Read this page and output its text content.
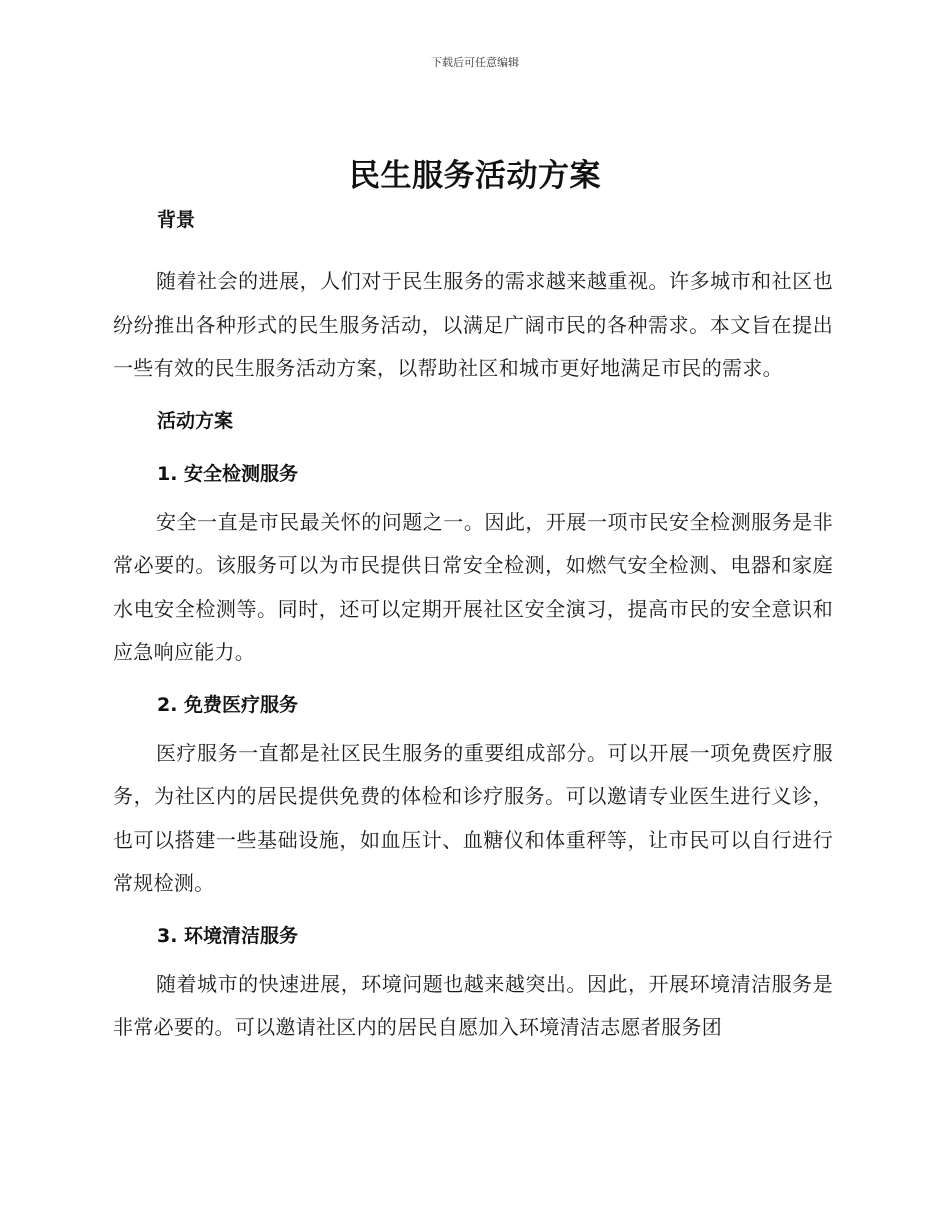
下载后可任意编辑
民生服务活动方案

背景

随着社会的进展，人们对于民生服务的需求越来越重视。许多城市和社区也纷纷推出各种形式的民生服务活动，以满足广阔市民的各种需求。本文旨在提出一些有效的民生服务活动方案，以帮助社区和城市更好地满足市民的需求。

活动方案

1. 安全检测服务

安全一直是市民最关怀的问题之一。因此，开展一项市民安全检测服务是非常必要的。该服务可以为市民提供日常安全检测，如燃气安全检测、电器和家庭水电安全检测等。同时，还可以定期开展社区安全演习，提高市民的安全意识和应急响应能力。

2. 免费医疗服务

医疗服务一直都是社区民生服务的重要组成部分。可以开展一项免费医疗服务，为社区内的居民提供免费的体检和诊疗服务。可以邀请专业医生进行义诊，也可以搭建一些基础设施，如血压计、血糖仪和体重秤等，让市民可以自行进行常规检测。

3. 环境清洁服务

随着城市的快速进展，环境问题也越来越突出。因此，开展环境清洁服务是非常必要的。可以邀请社区内的居民自愿加入环境清洁志愿者服务团
